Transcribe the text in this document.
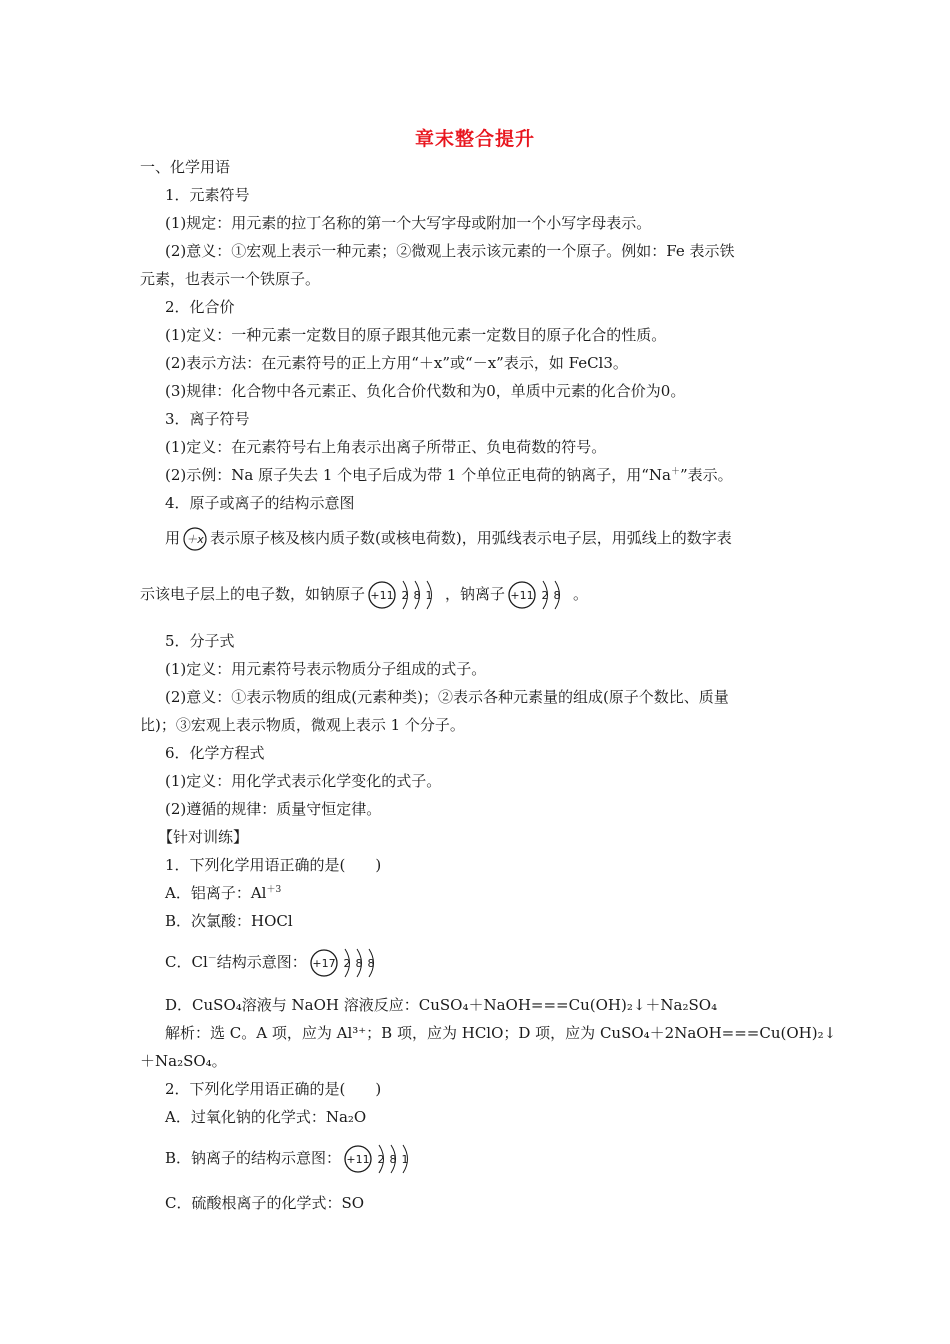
章末整合提升
一、化学用语
1．元素符号
(1)规定：用元素的拉丁名称的第一个大写字母或附加一个小写字母表示。
(2)意义：①宏观上表示一种元素；②微观上表示该元素的一个原子。例如：Fe 表示铁
元素，也表示一个铁原子。
2．化合价
(1)定义：一种元素一定数目的原子跟其他元素一定数目的原子化合的性质。
(2)表示方法：在元素符号的正上方用“＋x”或“－x”表示，如 FeCl3。
(3)规律：化合物中各元素正、负化合价代数和为0，单质中元素的化合价为0。
3．离子符号
(1)定义：在元素符号右上角表示出离子所带正、负电荷数的符号。
(2)示例：Na 原子失去 1 个电子后成为带 1 个单位正电荷的钠离子，用“Na＋”表示。
4．原子或离子的结构示意图
用 ＋x 表示原子核及核内质子数(或核电荷数)，用弧线表示电子层，用弧线上的数字表
示该电子层上的电子数，如钠原子 +11 2 8 1 ，钠离子 +11 2 8 。
5．分子式
(1)定义：用元素符号表示物质分子组成的式子。
(2)意义：①表示物质的组成(元素种类)；②表示各种元素量的组成(原子个数比、质量
比)；③宏观上表示物质，微观上表示 1 个分子。
6．化学方程式
(1)定义：用化学式表示化学变化的式子。
(2)遵循的规律：质量守恒定律。
【针对训练】
1．下列化学用语正确的是(　　)
A．铝离子：$Al^{+3}$
B．次氯酸：HOCl
C．Cl－结构示意图： +17 2 8 8
D．CuSO₄溶液与 NaOH 溶液反应：CuSO₄＋NaOH===Cu(OH)₂↓＋Na₂SO₄
解析：选 C。A 项，应为 Al³⁺；B 项，应为 HClO；D 项，应为 CuSO₄＋2NaOH===Cu(OH)₂↓
＋Na₂SO₄。
2．下列化学用语正确的是(　　)
A．过氧化钠的化学式：Na₂O
B．钠离子的结构示意图： +11 2 8 1
C．硫酸根离子的化学式：SO
